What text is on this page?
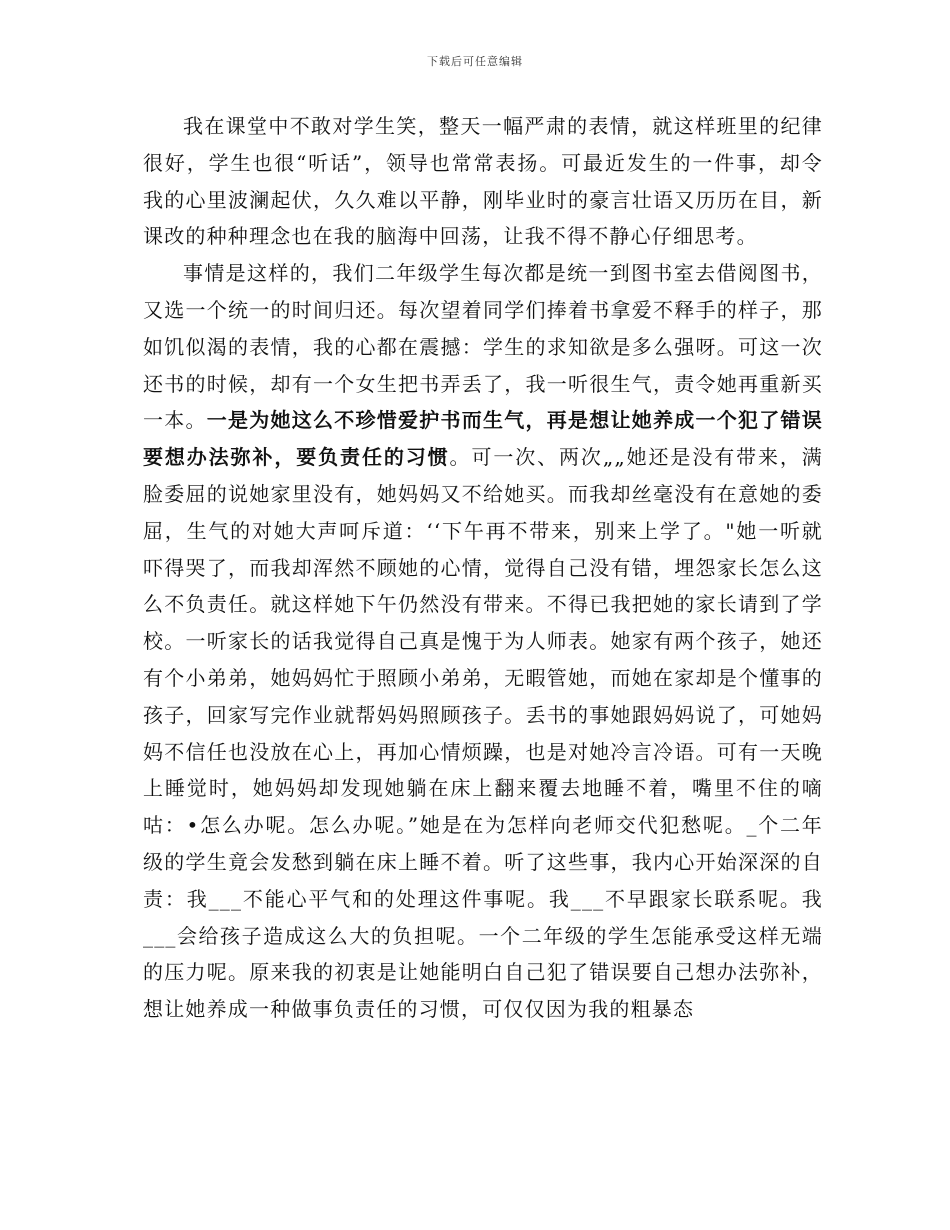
下载后可任意编辑

我在课堂中不敢对学生笑，整天一幅严肃的表情，就这样班里的纪律很好，学生也很“听话”，领导也常常表扬。可最近发生的一件事，却令我的心里波澜起伏，久久难以平静，刚毕业时的豪言壮语又历历在目，新课改的种种理念也在我的脑海中回荡，让我不得不静心仔细思考。

事情是这样的，我们二年级学生每次都是统一到图书室去借阅图书，又选一个统一的时间归还。每次望着同学们捧着书拿爱不释手的样子，那如饥似渴的表情，我的心都在震撼：学生的求知欲是多么强呀。可这一次还书的时候，却有一个女生把书弄丢了，我一听很生气，责令她再重新买一本。一是为她这么不珍惜爱护书而生气，再是想让她养成一个犯了错误要想办法弥补，要负责任的习惯。可一次、两次„„她还是没有带来，满脸委屈的说她家里没有，她妈妈又不给她买。而我却丝毫没有在意她的委屈，生气的对她大声呵斥道：‘‘下午再不带来，别来上学了。"她一听就吓得哭了，而我却浑然不顾她的心情，觉得自己没有错，埋怨家长怎么这么不负责任。就这样她下午仍然没有带来。不得已我把她的家长请到了学校。一听家长的话我觉得自己真是愧于为人师表。她家有两个孩子，她还有个小弟弟，她妈妈忙于照顾小弟弟，无暇管她，而她在家却是个懂事的孩子，回家写完作业就帮妈妈照顾孩子。丢书的事她跟妈妈说了，可她妈妈不信任也没放在心上，再加心情烦躁，也是对她冷言冷语。可有一天晚上睡觉时，她妈妈却发现她躺在床上翻来覆去地睡不着，嘴里不住的嘀咕：•怎么办呢。怎么办呢。”她是在为怎样向老师交代犯愁呢。_个二年级的学生竟会发愁到躺在床上睡不着。听了这些事，我内心开始深深的自责：我___不能心平气和的处理这件事呢。我___不早跟家长联系呢。我___会给孩子造成这么大的负担呢。一个二年级的学生怎能承受这样无端的压力呢。原来我的初衷是让她能明白自己犯了错误要自己想办法弥补，想让她养成一种做事负责任的习惯，可仅仅因为我的粗暴态
